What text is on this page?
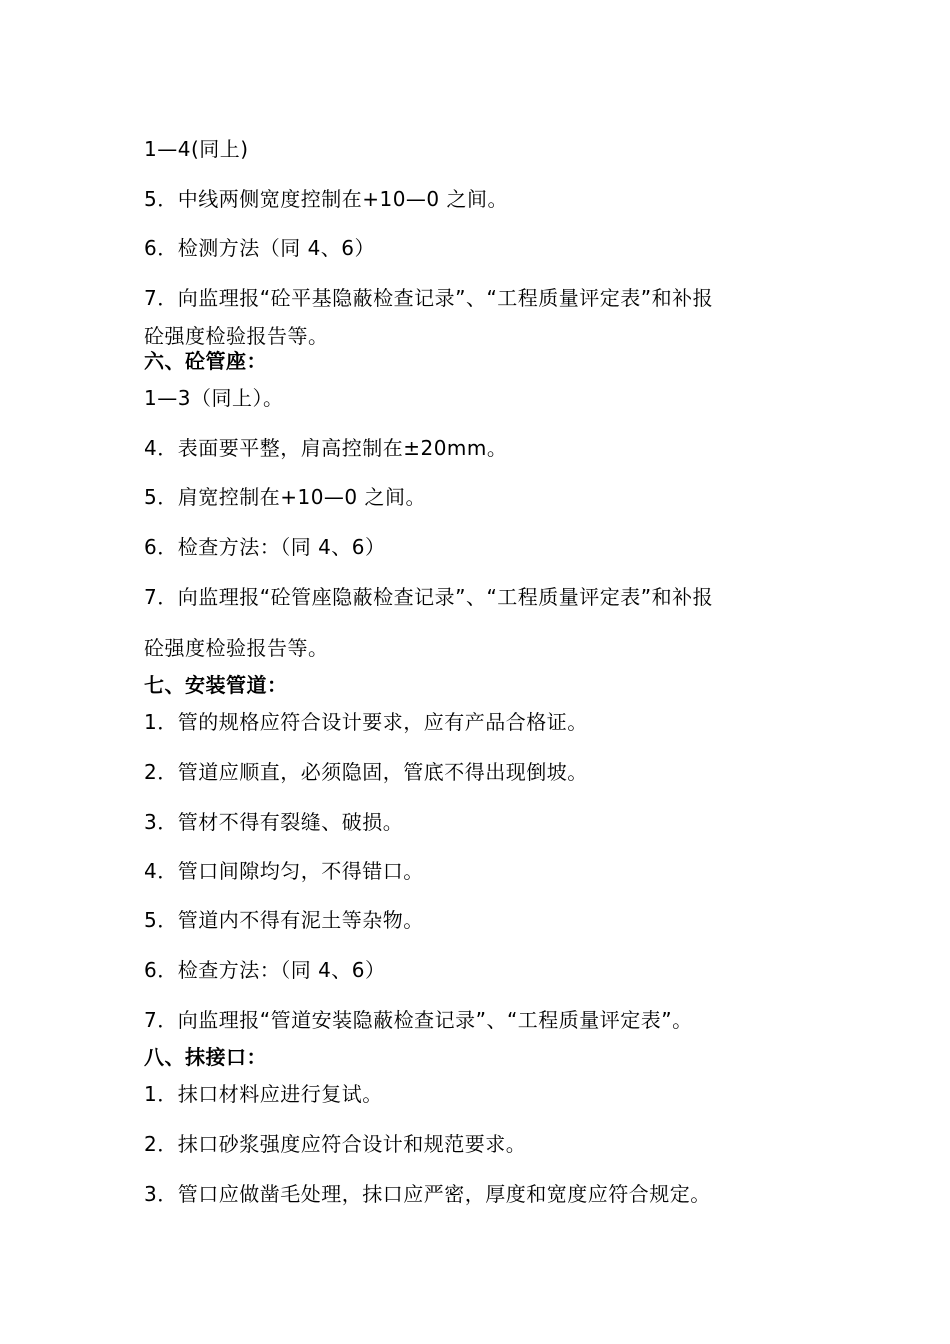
1—4(同上)
5．中线两侧宽度控制在+10—0 之间。
6．检测方法（同 4、6）
7．向监理报“砼平基隐蔽检查记录”、“工程质量评定表”和补报
砼强度检验报告等。
六、砼管座：
1—3（同上）。
4．表面要平整，肩高控制在±20mm。
5．肩宽控制在+10—0 之间。
6．检查方法：（同 4、6）
7．向监理报“砼管座隐蔽检查记录”、“工程质量评定表”和补报
砼强度检验报告等。
七、安装管道：
1．管的规格应符合设计要求，应有产品合格证。
2．管道应顺直，必须隐固，管底不得出现倒坡。
3．管材不得有裂缝、破损。
4．管口间隙均匀，不得错口。
5．管道内不得有泥土等杂物。
6．检查方法：（同 4、6）
7．向监理报“管道安装隐蔽检查记录”、“工程质量评定表”。
八、抹接口：
1．抹口材料应进行复试。
2．抹口砂浆强度应符合设计和规范要求。
3．管口应做凿毛处理，抹口应严密，厚度和宽度应符合规定。
